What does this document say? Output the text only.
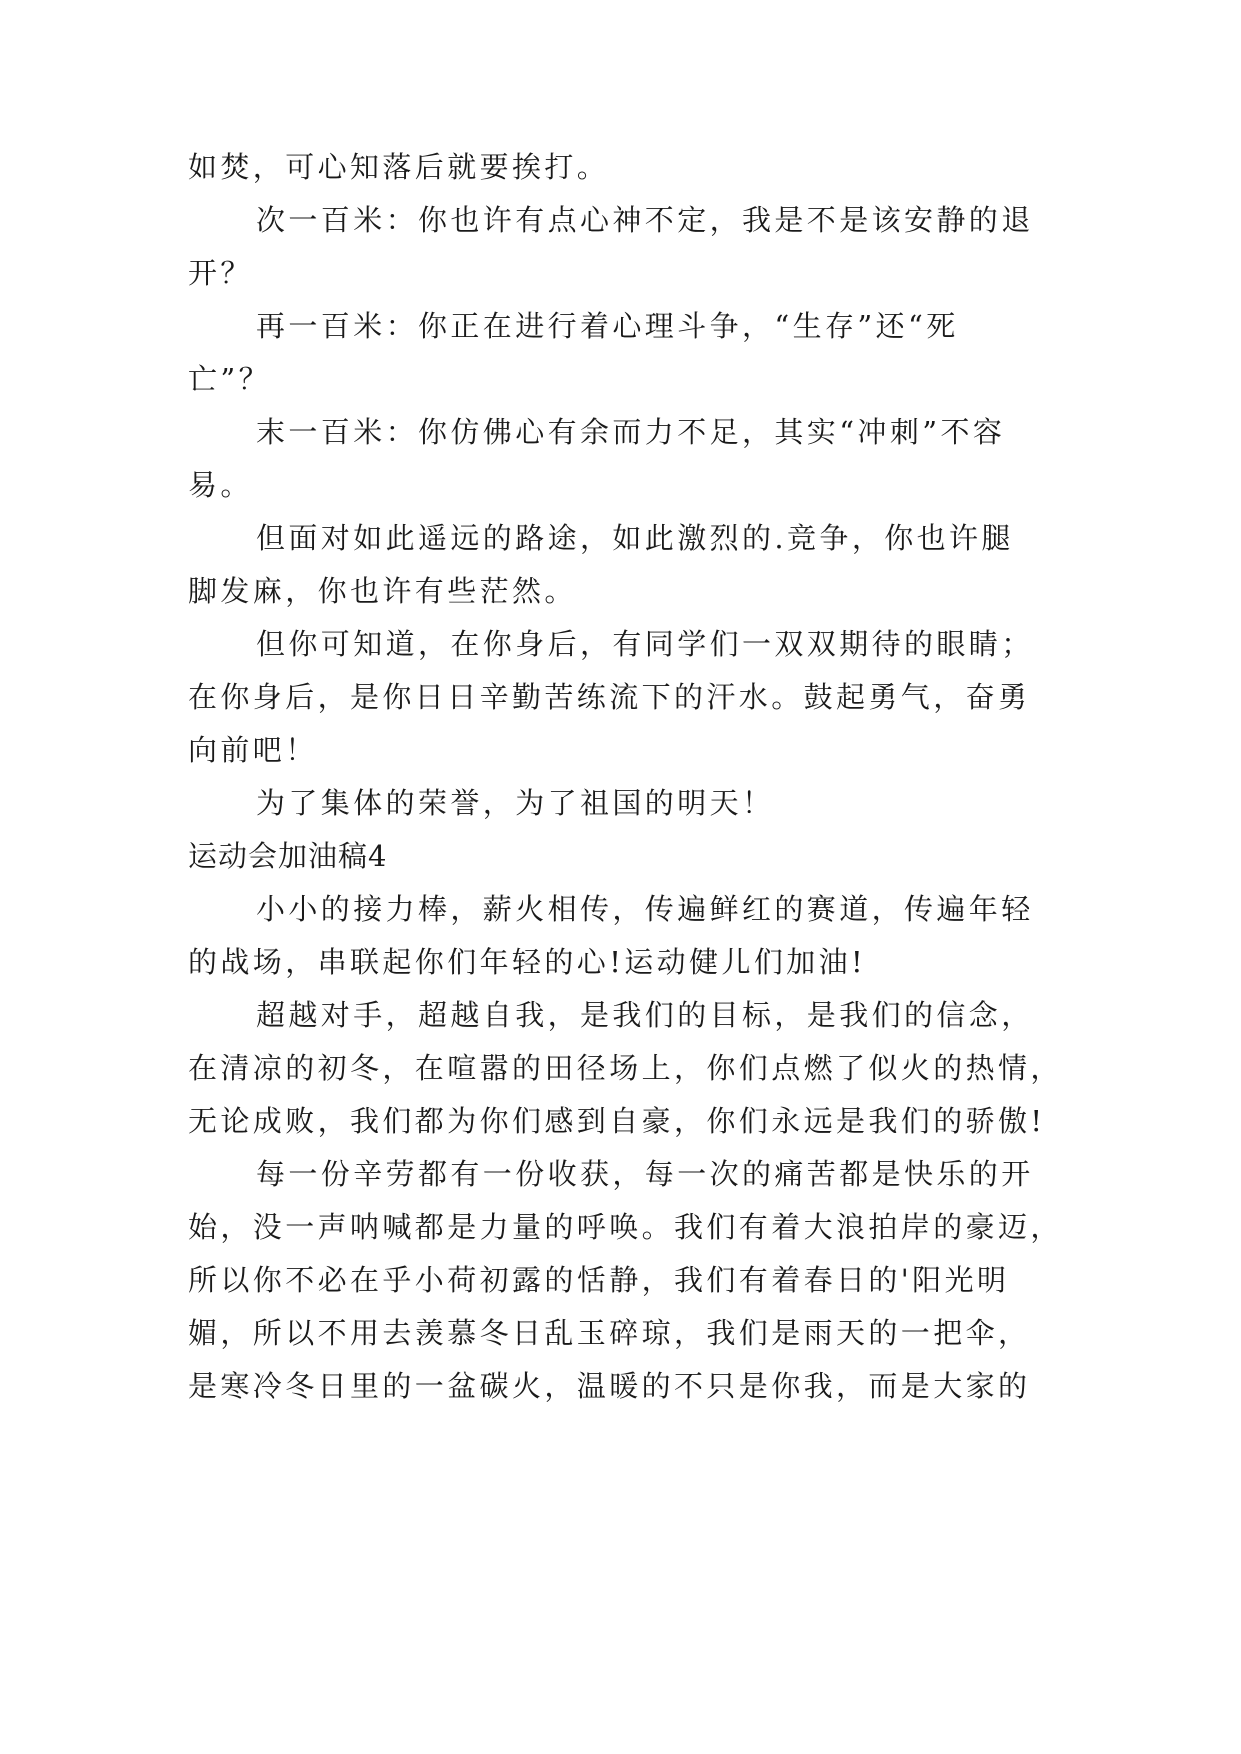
如焚，可心知落后就要挨打。
次一百米：你也许有点心神不定，我是不是该安静的退
开？
再一百米：你正在进行着心理斗争，“生存”还“死
亡”？
末一百米：你仿佛心有余而力不足，其实“冲刺”不容
易。
但面对如此遥远的路途，如此激烈的.竞争，你也许腿
脚发麻，你也许有些茫然。
但你可知道，在你身后，有同学们一双双期待的眼睛；
在你身后，是你日日辛勤苦练流下的汗水。鼓起勇气，奋勇
向前吧！
为了集体的荣誉，为了祖国的明天！
运动会加油稿4
小小的接力棒，薪火相传，传遍鲜红的赛道，传遍年轻
的战场，串联起你们年轻的心!运动健儿们加油!
超越对手，超越自我，是我们的目标，是我们的信念，
在清凉的初冬，在喧嚣的田径场上，你们点燃了似火的热情，
无论成败，我们都为你们感到自豪，你们永远是我们的骄傲!
每一份辛劳都有一份收获，每一次的痛苦都是快乐的开
始，没一声呐喊都是力量的呼唤。我们有着大浪拍岸的豪迈，
所以你不必在乎小荷初露的恬静，我们有着春日的'阳光明
媚，所以不用去羡慕冬日乱玉碎琼，我们是雨天的一把伞，
是寒冷冬日里的一盆碳火，温暖的不只是你我，而是大家的
